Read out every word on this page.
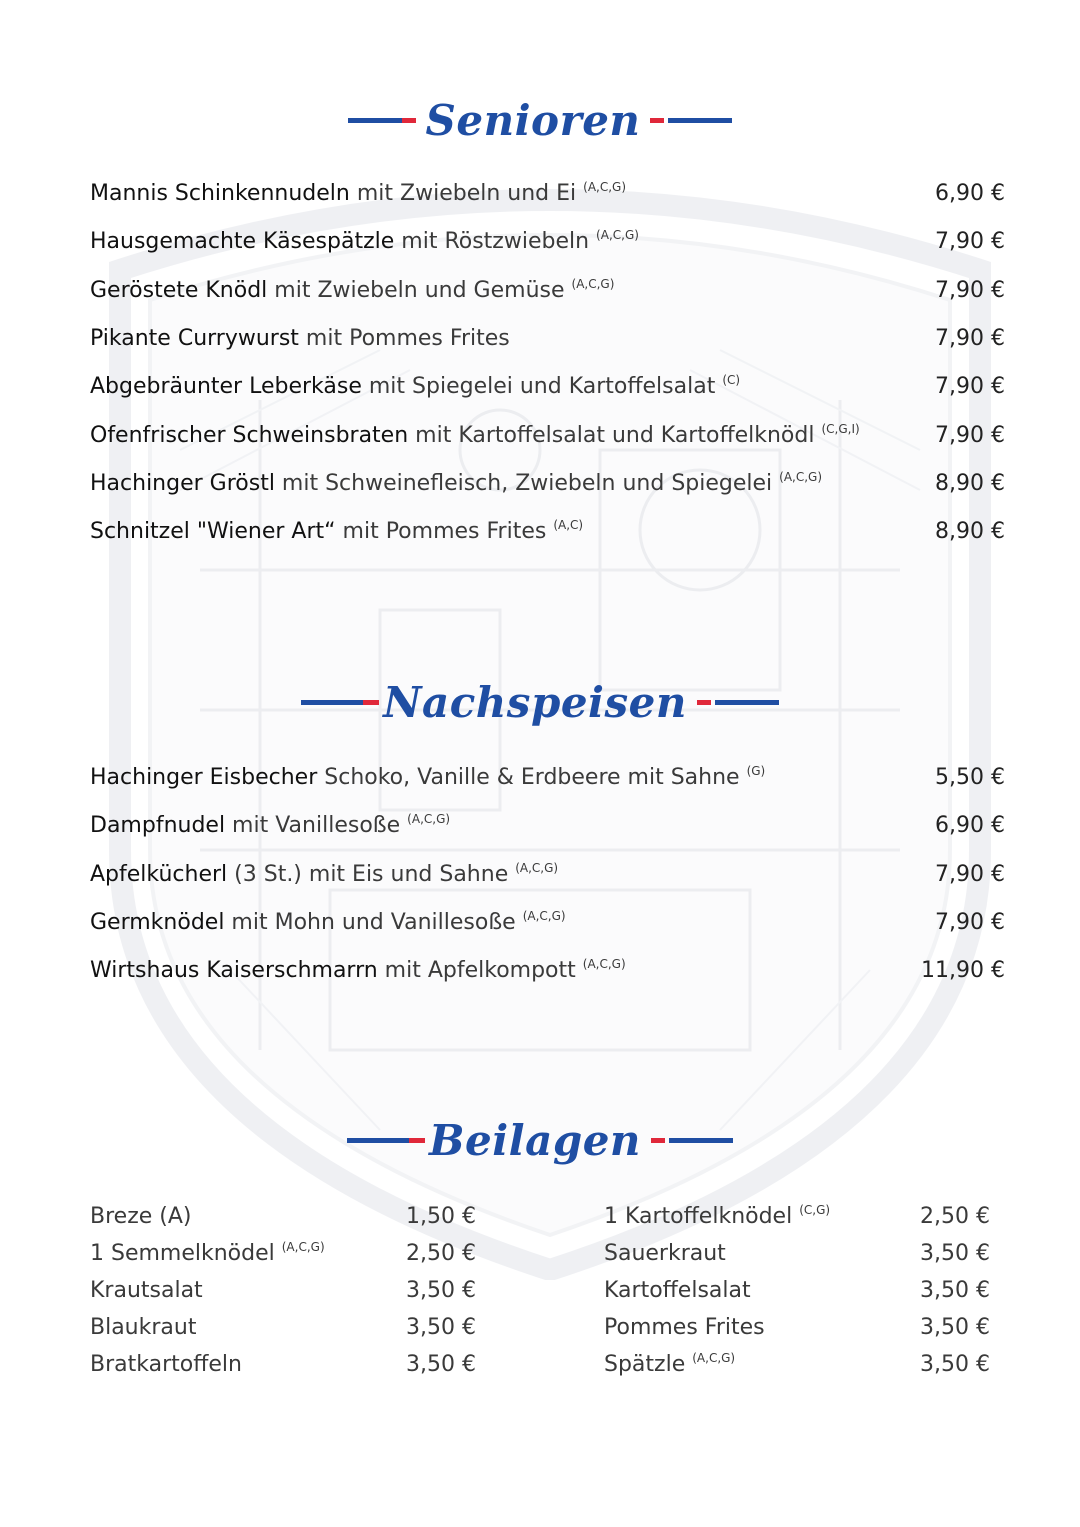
Senioren
Mannis Schinkennudeln mit Zwiebeln und Ei $^{(A,C,G)}$	6,90 €
Hausgemachte Käsespätzle mit Röstzwiebeln $^{(A,C,G)}$	7,90 €
Geröstete Knödl mit Zwiebeln und Gemüse $^{(A,C,G)}$	7,90 €
Pikante Currywurst mit Pommes Frites	7,90 €
Abgebräunter Leberkäse mit Spiegelei und Kartoffelsalat $^{(C)}$	7,90 €
Ofenfrischer Schweinsbraten mit Kartoffelsalat und Kartoffelknödl $^{(C,G,I)}$	7,90 €
Hachinger Gröstl mit Schweinefleisch, Zwiebeln und Spiegelei $^{(A,C,G)}$	8,90 €
Schnitzel "Wiener Art“ mit Pommes Frites $^{(A,C)}$	8,90 €
Nachspeisen
Hachinger Eisbecher Schoko, Vanille & Erdbeere mit Sahne $^{(G)}$	5,50 €
Dampfnudel mit Vanillesoße $^{(A,C,G)}$	6,90 €
Apfelkücherl (3 St.) mit Eis und Sahne $^{(A,C,G)}$	7,90 €
Germknödel mit Mohn und Vanillesoße $^{(A,C,G)}$	7,90 €
Wirtshaus Kaiserschmarrn mit Apfelkompott $^{(A,C,G)}$	11,90 €
Beilagen
Breze (A)	1,50 €
1 Semmelknödel $^{(A,C,G)}$	2,50 €
Krautsalat	3,50 €
Blaukraut	3,50 €
Bratkartoffeln	3,50 €
1 Kartoffelknödel $^{(C,G)}$	2,50 €
Sauerkraut	3,50 €
Kartoffelsalat	3,50 €
Pommes Frites	3,50 €
Spätzle $^{(A,C,G)}$	3,50 €
